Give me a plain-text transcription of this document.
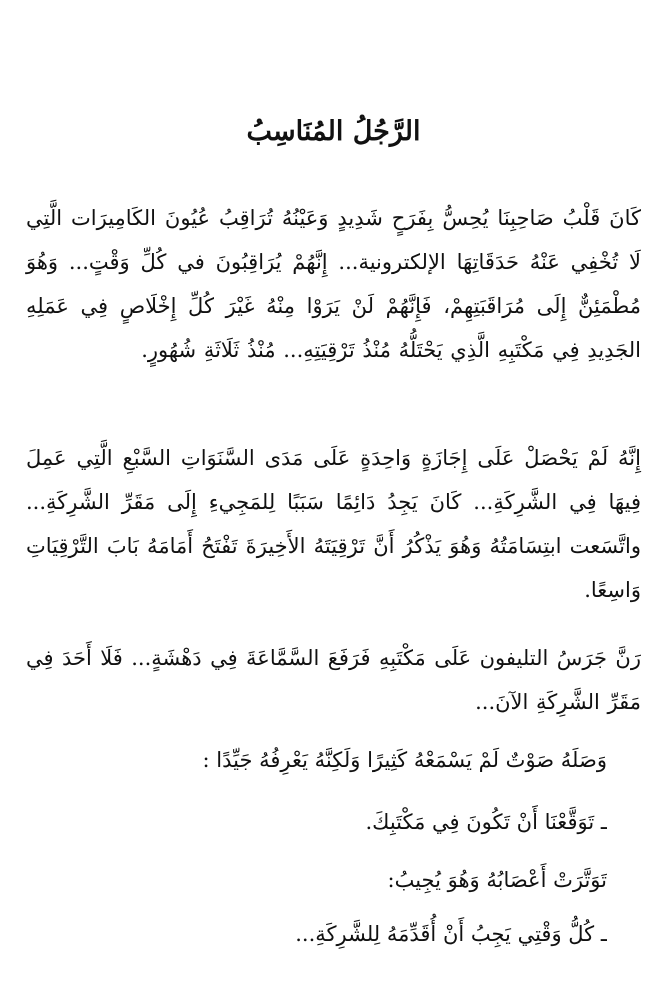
الرَّجُلُ المُنَاسِبُ

كَانَ قَلْبُ صَاحِبِنَا يُحِسُّ بِفَرَحٍ شَدِيدٍ وَعَيْنُهُ تُرَاقِبُ عُيُونَ الكَامِيرَات الَّتِي لَا تُخْفِي عَنْهُ حَدَقَاتِهَا الإلكترونية... إِنَّهُمْ يُرَاقِبُونَ في كُلِّ وَقْتٍ... وَهُوَ مُطْمَئِنٌّ إِلَى مُرَاقَبَتِهِمْ، فَإِنَّهُمْ لَنْ يَرَوْا مِنْهُ غَيْرَ كُلِّ إِخْلَاصٍ فِي عَمَلِهِ الجَدِيدِ فِي مَكْتَبِهِ الَّذِي يَحْتَلُّهُ مُنْذُ تَرْقِيَتِهِ... مُنْذُ ثَلَاثَةِ شُهُورٍ.

إِنَّهُ لَمْ يَحْصَلْ عَلَى إِجَازَةٍ وَاحِدَةٍ عَلَى مَدَى السَّنَوَاتِ السَّبْعِ الَّتِي عَمِلَ فِيهَا فِي الشَّرِكَةِ... كَانَ يَجِدُ دَائِمًا سَبَبًا لِلمَجِيءِ إِلَى مَقَرِّ الشَّرِكَةِ... واتَّسَعت ابتِسَامَتُهُ وَهُوَ يَذْكُرُ أَنَّ تَرْقِيَتَهُ الأَخِيرَةَ تَفْتَحُ أَمَامَهُ بَابَ التَّرْقِيَاتِ وَاسِعًا.

رَنَّ جَرَسُ التليفون عَلَى مَكْتَبِهِ فَرَفَعَ السَّمَّاعَةَ فِي دَهْشَةٍ... فَلَا أَحَدَ فِي مَقَرِّ الشَّرِكَةِ الآنَ...

وَصَلَهُ صَوْتٌ لَمْ يَسْمَعْهُ كَثِيرًا وَلَكِنَّهُ يَعْرِفُهُ جَيِّدًا :

ـ تَوَقَّعْنَا أَنْ تَكُونَ فِي مَكْتَبِكَ.

تَوَتَّرَتْ أَعْصَابُهُ وَهُوَ يُجِيبُ:

ـ كُلُّ وَقْتِي يَجِبُ أَنْ أُقَدِّمَهُ لِلشَّرِكَةِ...
